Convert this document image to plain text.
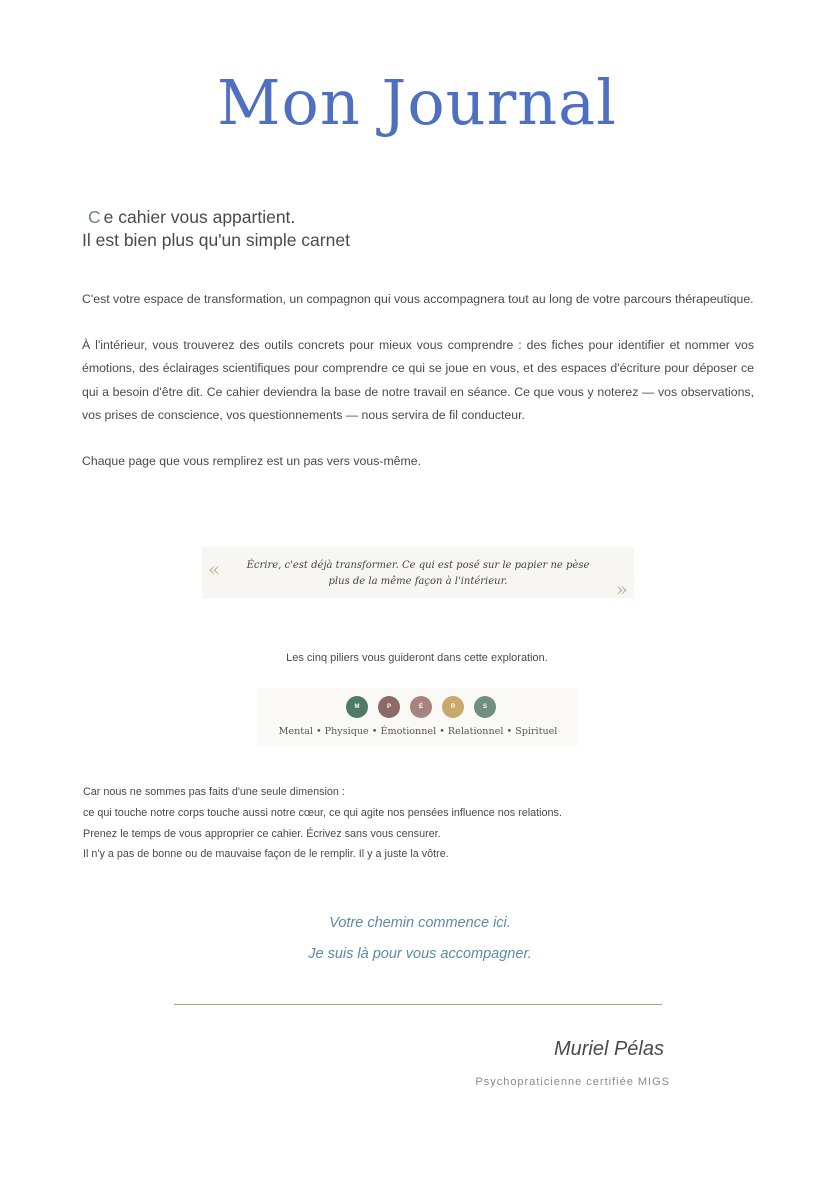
Mon Journal
C e cahier vous appartient.
Il est bien plus qu'un simple carnet

C'est votre espace de transformation, un compagnon qui vous accompagnera tout au long de votre parcours thérapeutique.

À l'intérieur, vous trouverez des outils concrets pour mieux vous comprendre : des fiches pour identifier et nommer vos émotions, des éclairages scientifiques pour comprendre ce qui se joue en vous, et des espaces d'écriture pour déposer ce qui a besoin d'être dit. Ce cahier deviendra la base de notre travail en séance. Ce que vous y noterez — vos observations, vos prises de conscience, vos questionnements — nous servira de fil conducteur.

Chaque page que vous remplirez est un pas vers vous-même.

«	Écrire, c'est déjà transformer. Ce qui est posé sur le papier ne pèse plus de la même façon à l'intérieur.	»
Les cinq piliers vous guideront dans cette exploration.
M	P	É	R	S
Mental • Physique • Émotionnel • Relationnel • Spirituel
Car nous ne sommes pas faits d'une seule dimension :
ce qui touche notre corps touche aussi notre cœur, ce qui agite nos pensées influence nos relations.
Prenez le temps de vous approprier ce cahier. Écrivez sans vous censurer.
Il n'y a pas de bonne ou de mauvaise façon de le remplir. Il y a juste la vôtre.
Votre chemin commence ici.
Je suis là pour vous accompagner.
Muriel Pélas
Psychopraticienne certifiée MIGS
